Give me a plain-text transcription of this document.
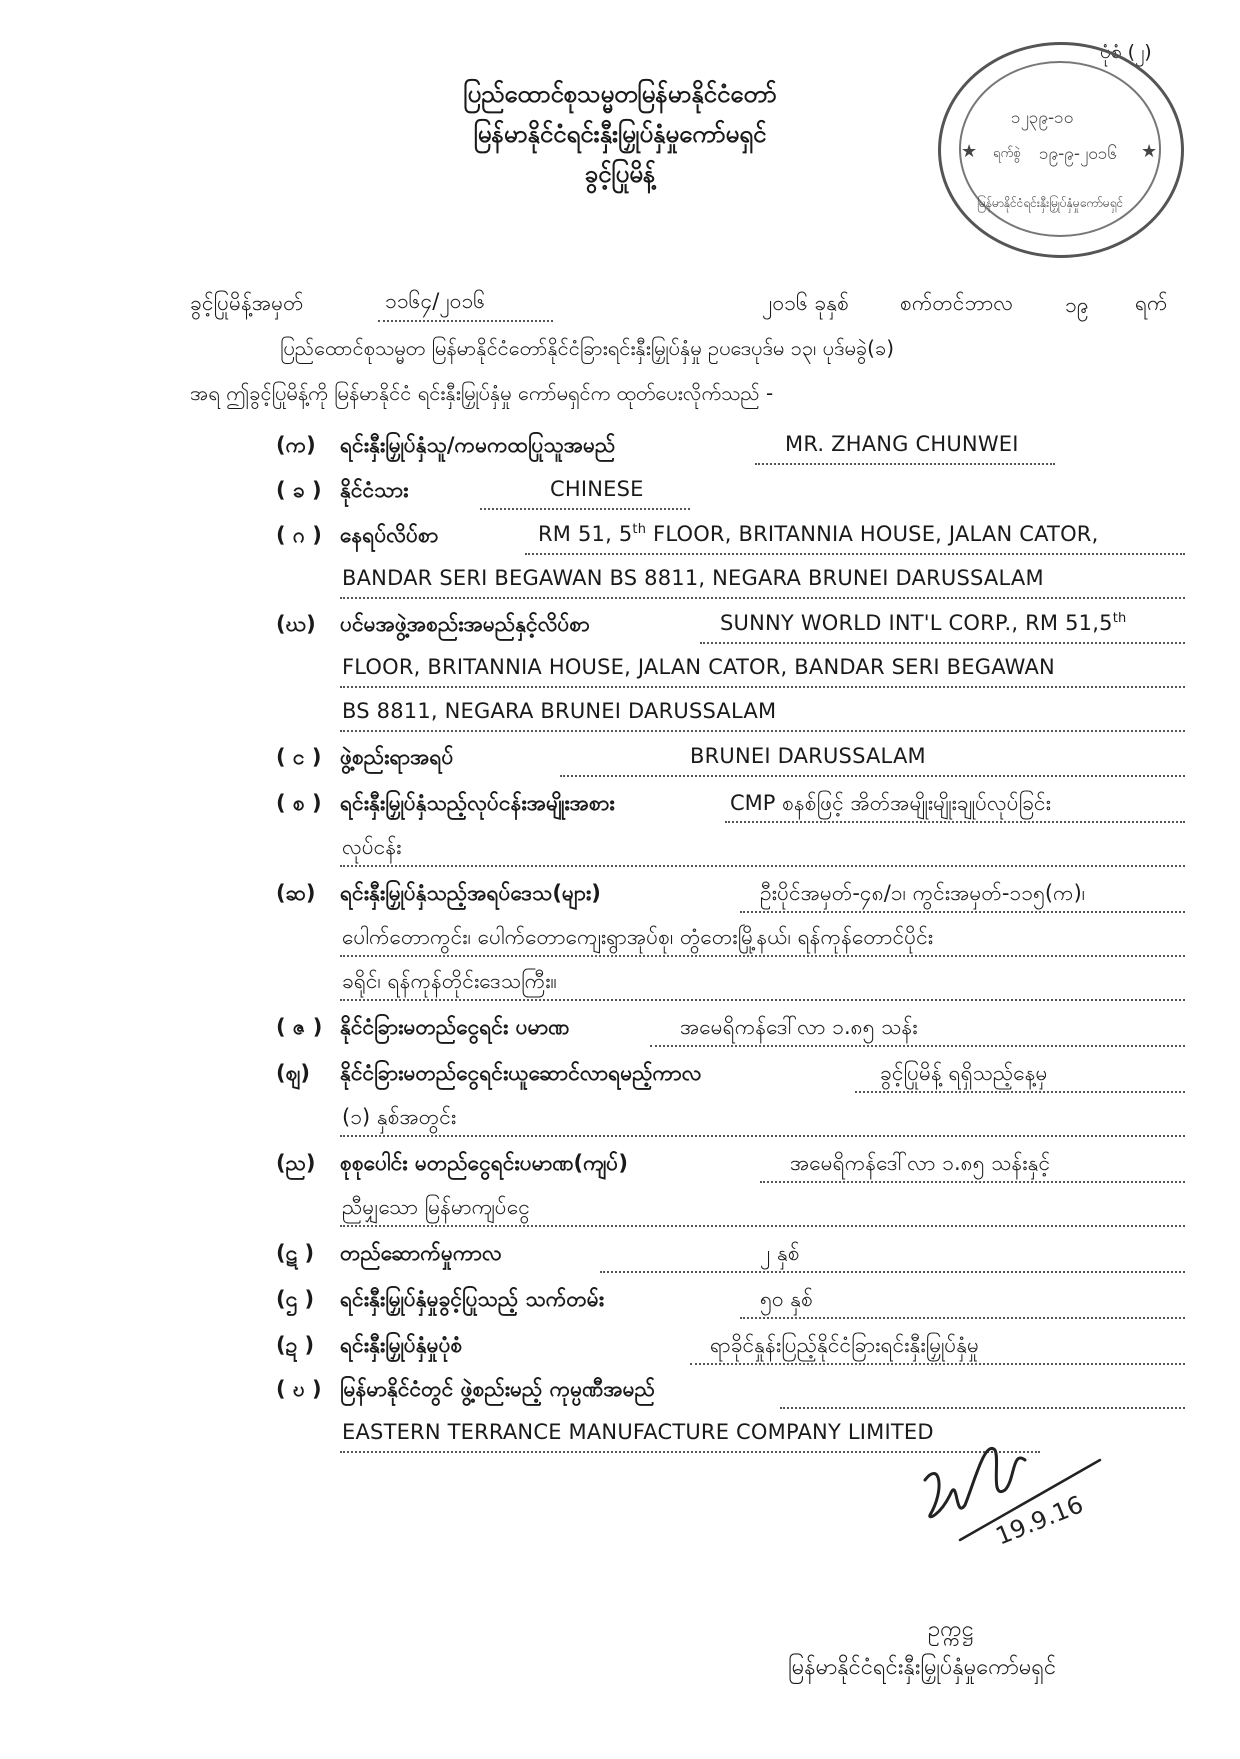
ပုံစံ (၂)
ပြည်ထောင်စုသမ္မတမြန်မာနိုင်ငံတော်
မြန်မာနိုင်ငံရင်းနှီးမြှုပ်နှံမှုကော်မရှင်
ခွင့်ပြုမိန့်
၁၂၃၉-၁၀
ရက်စွဲ ၁၉-၉-၂၀၁၆
မြန်မာနိုင်ငံရင်းနှီးမြှုပ်နှံမှုကော်မရှင်
★	★
ခွင့်ပြုမိန့်အမှတ်	၁၁၆၄/၂၀၁၆	၂၀၁၆ ခုနှစ် စက်တင်ဘာလ ၁၉ ရက်
ပြည်ထောင်စုသမ္မတ မြန်မာနိုင်ငံတော်နိုင်ငံခြားရင်းနှီးမြှုပ်နှံမှု ဥပဒေပုဒ်မ ၁၃၊ ပုဒ်မခွဲ(ခ)
အရ ဤခွင့်ပြုမိန့်ကို မြန်မာနိုင်ငံ ရင်းနှီးမြှုပ်နှံမှု ကော်မရှင်က ထုတ်ပေးလိုက်သည် -
(က) ရင်းနှီးမြှုပ်နှံသူ/ကမကထပြုသူအမည်	MR. ZHANG CHUNWEI
( ခ ) နိုင်ငံသား	CHINESE
( ဂ ) နေရပ်လိပ်စာ	RM 51, 5th FLOOR, BRITANNIA HOUSE, JALAN CATOR,
BANDAR SERI BEGAWAN BS 8811, NEGARA BRUNEI DARUSSALAM
(ဃ) ပင်မအဖွဲ့အစည်းအမည်နှင့်လိပ်စာ	SUNNY WORLD INT'L CORP., RM 51,5th
FLOOR, BRITANNIA HOUSE, JALAN CATOR, BANDAR SERI BEGAWAN
BS 8811, NEGARA BRUNEI DARUSSALAM
( င ) ဖွဲ့စည်းရာအရပ်	BRUNEI DARUSSALAM
( စ ) ရင်းနှီးမြှုပ်နှံသည့်လုပ်ငန်းအမျိုးအစား	CMP စနစ်ဖြင့် အိတ်အမျိုးမျိုးချုပ်လုပ်ခြင်း
လုပ်ငန်း
(ဆ) ရင်းနှီးမြှုပ်နှံသည့်အရပ်ဒေသ(များ)	ဦးပိုင်အမှတ်-၄၈/၁၊ ကွင်းအမှတ်-၁၁၅(က)၊
ပေါက်တောကွင်း၊ ပေါက်တောကျေးရွာအုပ်စု၊ တွံတေးမြို့နယ်၊ ရန်ကုန်တောင်ပိုင်း
ခရိုင်၊ ရန်ကုန်တိုင်းဒေသကြီး။
( ဇ ) နိုင်ငံခြားမတည်ငွေရင်း ပမာဏ	အမေရိကန်ဒေါ်လာ ၁.၈၅ သန်း
(ဈ) နိုင်ငံခြားမတည်ငွေရင်းယူဆောင်လာရမည့်ကာလ	ခွင့်ပြုမိန့် ရရှိသည့်နေ့မှ
(၁) နှစ်အတွင်း
(ည) စုစုပေါင်း မတည်ငွေရင်းပမာဏ(ကျပ်)	အမေရိကန်ဒေါ်လာ ၁.၈၅ သန်းနှင့်
ညီမျှသော မြန်မာကျပ်ငွေ
(ဋ ) တည်ဆောက်မှုကာလ	၂ နှစ်
(ဌ ) ရင်းနှီးမြှုပ်နှံမှုခွင့်ပြုသည့် သက်တမ်း	၅၀ နှစ်
(ဍ ) ရင်းနှီးမြှုပ်နှံမှုပုံစံ	ရာခိုင်နှုန်းပြည့်နိုင်ငံခြားရင်းနှီးမြှုပ်နှံမှု
( ဎ ) မြန်မာနိုင်ငံတွင် ဖွဲ့စည်းမည့် ကုမ္ပဏီအမည်
EASTERN TERRANCE MANUFACTURE COMPANY LIMITED
19.9.16
ဥက္ကဋ္ဌ
မြန်မာနိုင်ငံရင်းနှီးမြှုပ်နှံမှုကော်မရှင်
